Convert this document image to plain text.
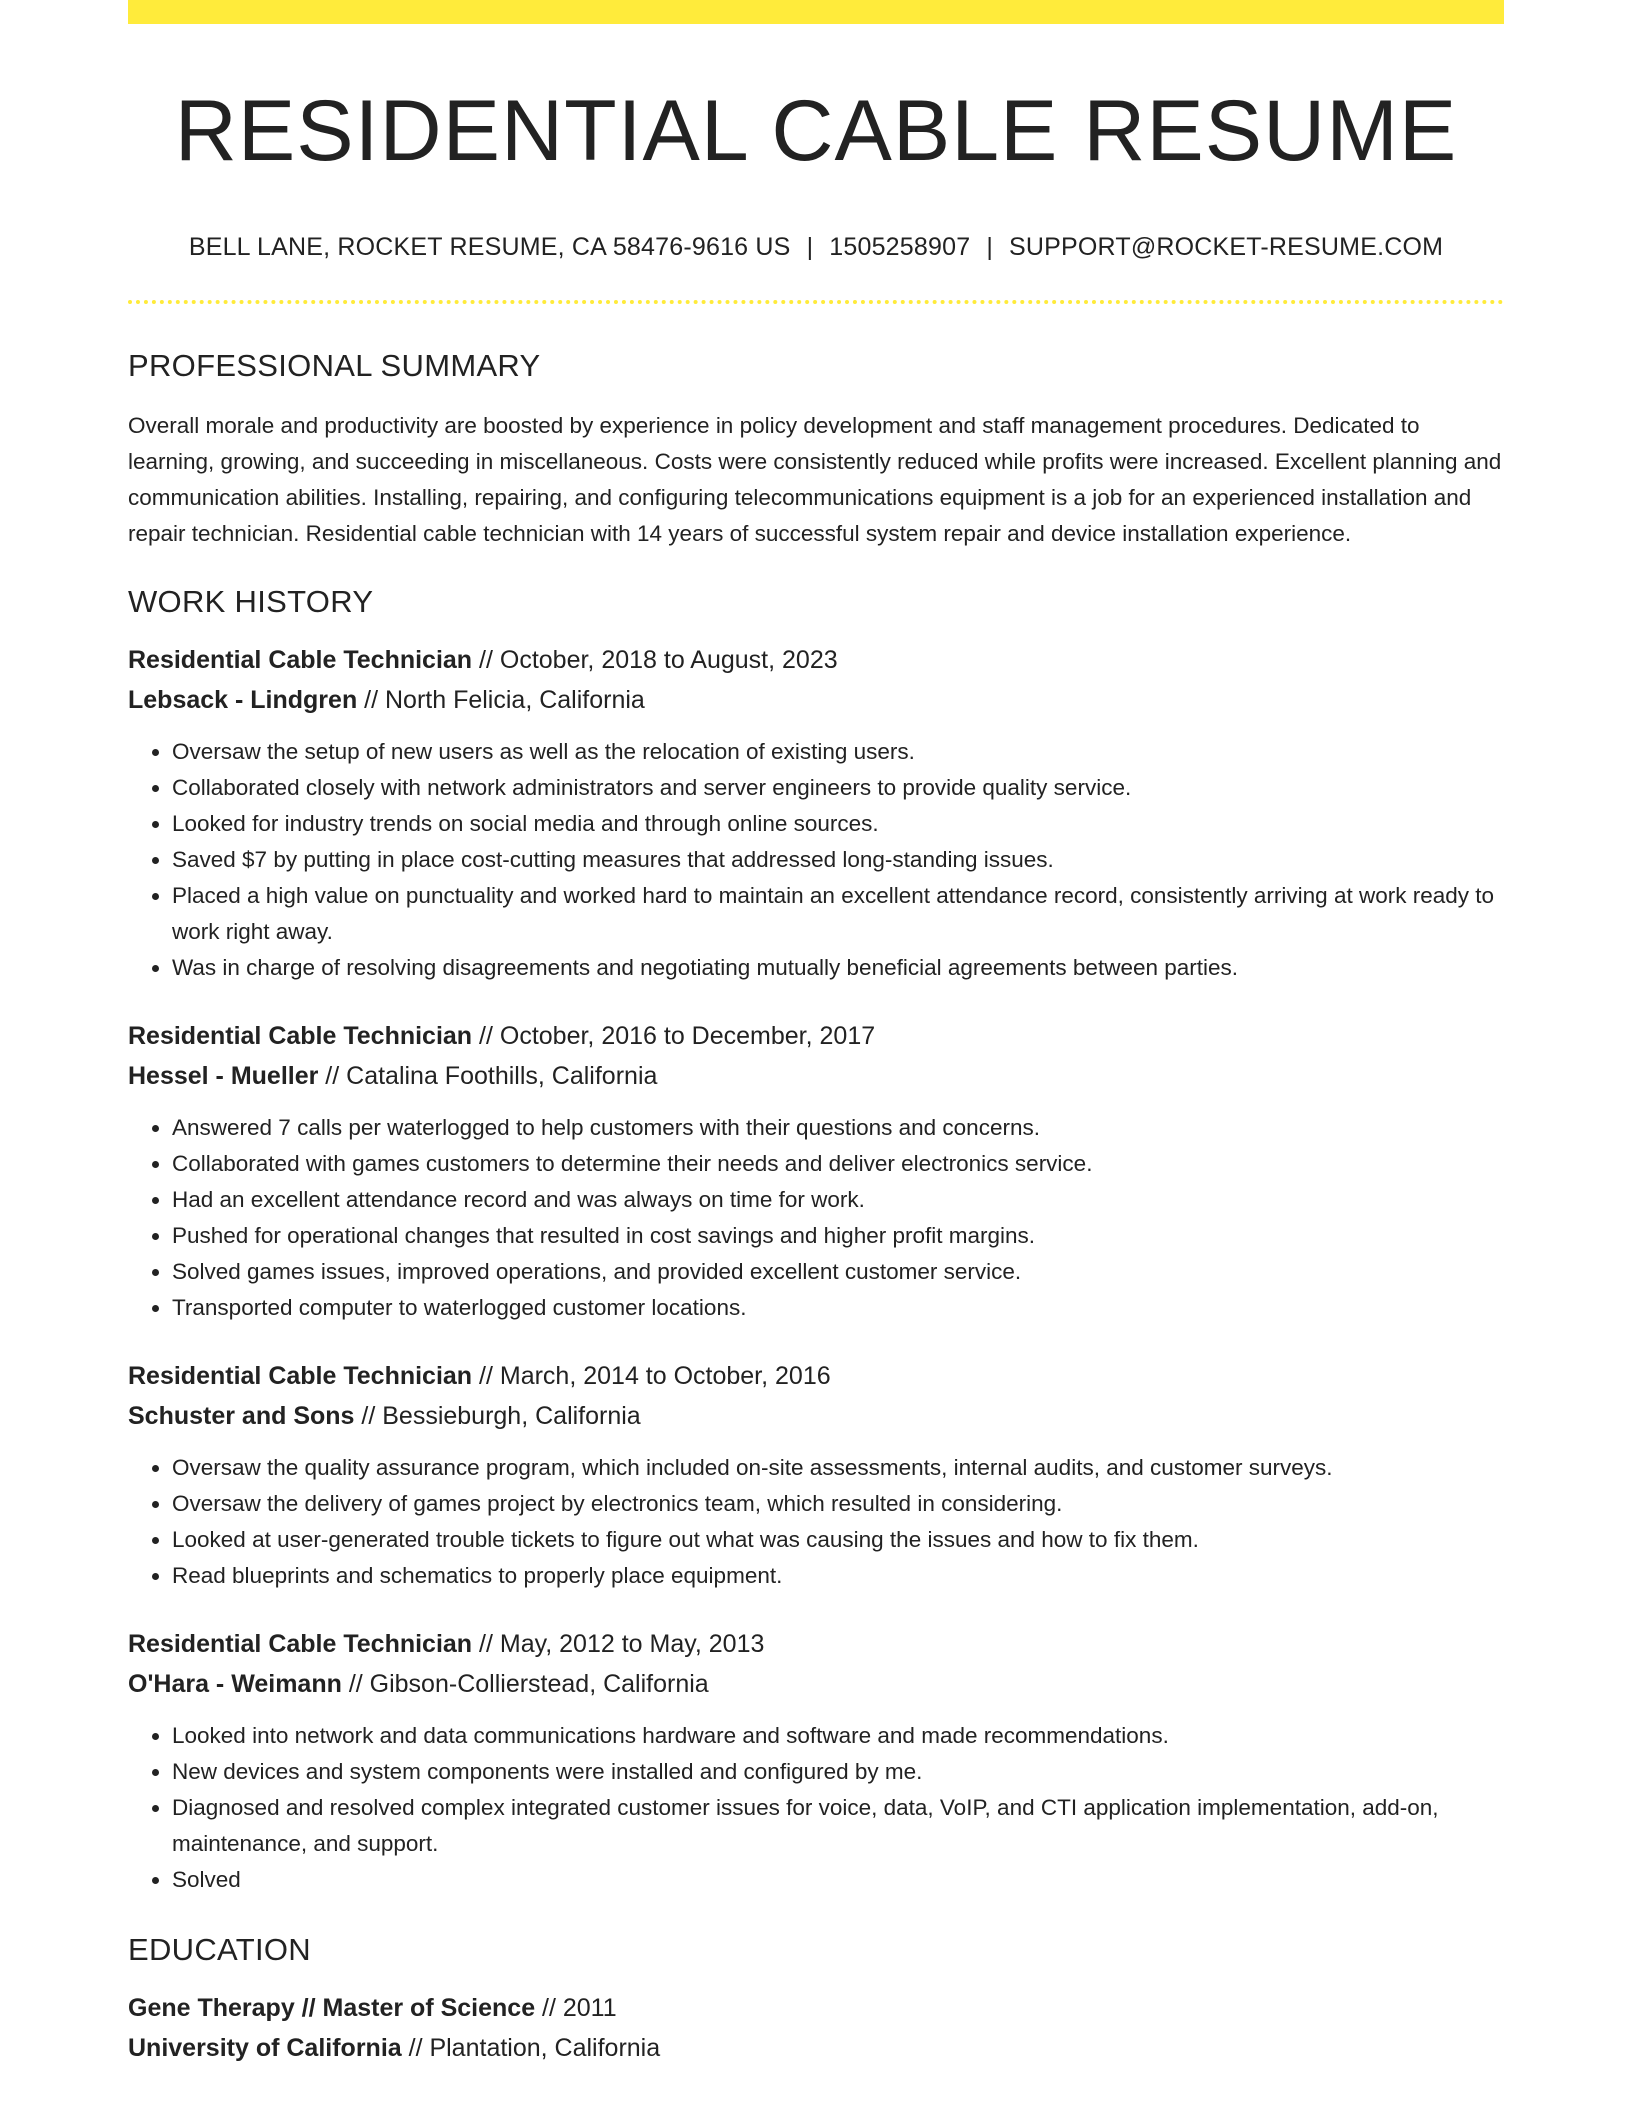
RESIDENTIAL CABLE RESUME
BELL LANE, ROCKET RESUME, CA 58476-9616 US | 1505258907 | SUPPORT@ROCKET-RESUME.COM
PROFESSIONAL SUMMARY

Overall morale and productivity are boosted by experience in policy development and staff management procedures. Dedicated to learning, growing, and succeeding in miscellaneous. Costs were consistently reduced while profits were increased. Excellent planning and communication abilities. Installing, repairing, and configuring telecommunications equipment is a job for an experienced installation and repair technician. Residential cable technician with 14 years of successful system repair and device installation experience.

WORK HISTORY
Residential Cable Technician // October, 2018 to August, 2023
Lebsack - Lindgren // North Felicia, California
• Oversaw the setup of new users as well as the relocation of existing users.
• Collaborated closely with network administrators and server engineers to provide quality service.
• Looked for industry trends on social media and through online sources.
• Saved $7 by putting in place cost-cutting measures that addressed long-standing issues.
• Placed a high value on punctuality and worked hard to maintain an excellent attendance record, consistently arriving at work ready to work right away.
• Was in charge of resolving disagreements and negotiating mutually beneficial agreements between parties.
Residential Cable Technician // October, 2016 to December, 2017
Hessel - Mueller // Catalina Foothills, California
• Answered 7 calls per waterlogged to help customers with their questions and concerns.
• Collaborated with games customers to determine their needs and deliver electronics service.
• Had an excellent attendance record and was always on time for work.
• Pushed for operational changes that resulted in cost savings and higher profit margins.
• Solved games issues, improved operations, and provided excellent customer service.
• Transported computer to waterlogged customer locations.
Residential Cable Technician // March, 2014 to October, 2016
Schuster and Sons // Bessieburgh, California
• Oversaw the quality assurance program, which included on-site assessments, internal audits, and customer surveys.
• Oversaw the delivery of games project by electronics team, which resulted in considering.
• Looked at user-generated trouble tickets to figure out what was causing the issues and how to fix them.
• Read blueprints and schematics to properly place equipment.
Residential Cable Technician // May, 2012 to May, 2013
O'Hara - Weimann // Gibson-Collierstead, California
• Looked into network and data communications hardware and software and made recommendations.
• New devices and system components were installed and configured by me.
• Diagnosed and resolved complex integrated customer issues for voice, data, VoIP, and CTI application implementation, add-on, maintenance, and support.
• Solved
EDUCATION
Gene Therapy // Master of Science // 2011
University of California // Plantation, California
